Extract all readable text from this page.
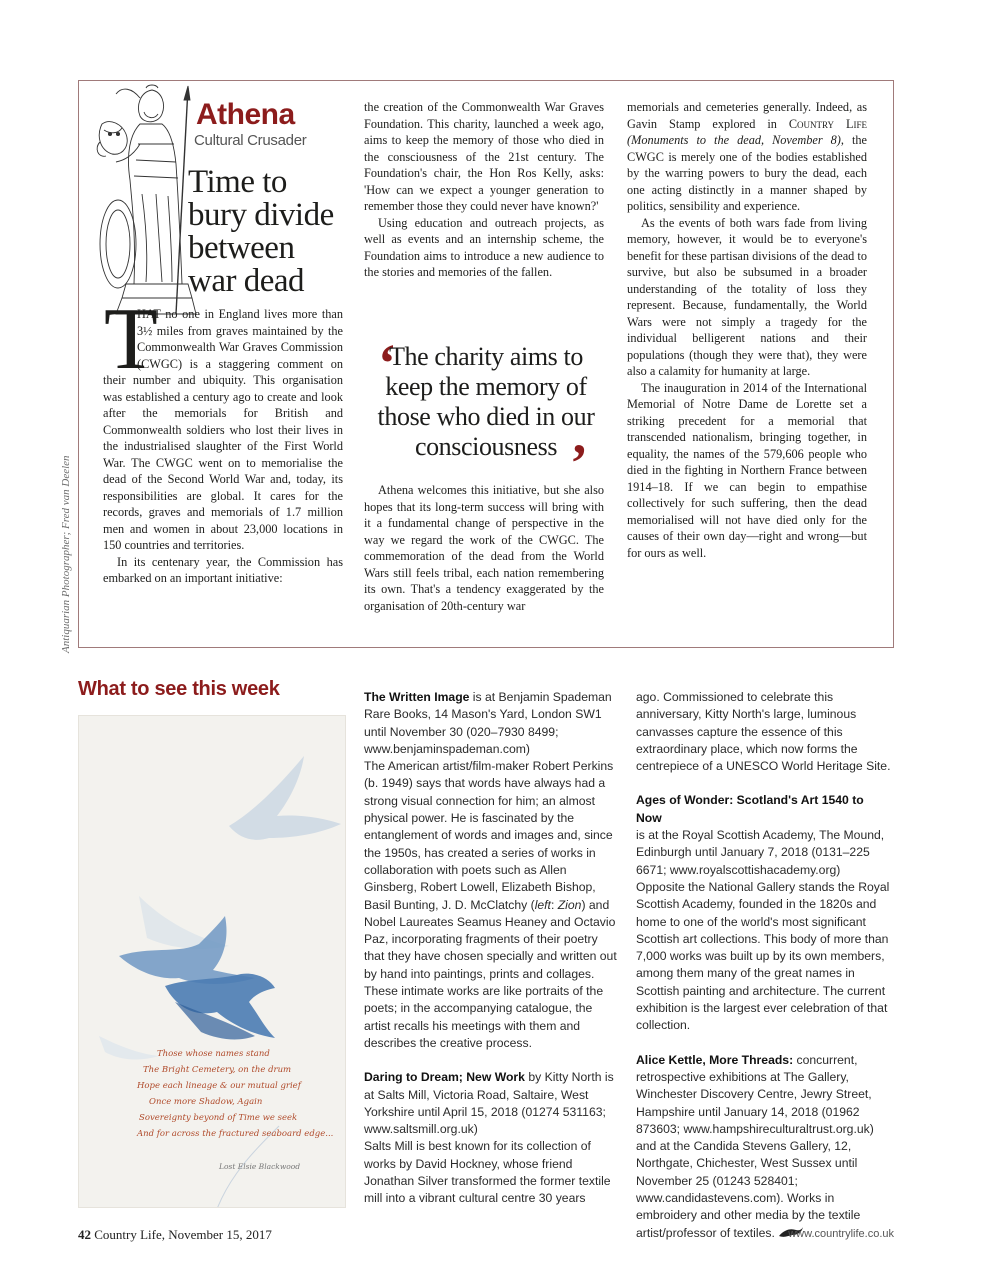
Antiquarian Photographer; Fred van Deelen
Athena
Cultural Crusader
Time to bury divide between war dead
T

HAT no one in England lives more than 3½ miles from graves maintained by the Commonwealth War Graves Commission (CWGC) is a staggering comment on their number and ubiquity. This organisation was established a century ago to create and look after the memorials for British and Commonwealth soldiers who lost their lives in the industrialised slaughter of the First World War. The CWGC went on to memorialise the dead of the Second World War and, today, its responsibilities are global. It cares for the records, graves and memorials of 1.7 million men and women in about 23,000 locations in 150 countries and territories.

In its centenary year, the Commission has embarked on an important initiative:

the creation of the Commonwealth War Graves Foundation. This charity, launched a week ago, aims to keep the memory of those who died in the consciousness of the 21st century. The Foundation's chair, the Hon Ros Kelly, asks: 'How can we expect a younger generation to remember those they could never have known?'

Using education and outreach projects, as well as events and an internship scheme, the Foundation aims to introduce a new audience to the stories and memories of the fallen.

‘
The charity aims to keep the memory of those who died in our consciousness ’

Athena welcomes this initiative, but she also hopes that its long-term success will bring with it a fundamental change of perspective in the way we regard the work of the CWGC. The commemoration of the dead from the World Wars still feels tribal, each nation remembering its own. That's a tendency exaggerated by the organisation of 20th-century war

memorials and cemeteries generally. Indeed, as Gavin Stamp explored in Country Life (Monuments to the dead, November 8), the CWGC is merely one of the bodies established by the warring powers to bury the dead, each one acting distinctly in a manner shaped by politics, sensibility and experience.

As the events of both wars fade from living memory, however, it would be to everyone's benefit for these partisan divisions of the dead to survive, but also be subsumed in a broader understanding of the totality of loss they represent. Because, fundamentally, the World Wars were not simply a tragedy for the individual belligerent nations and their populations (though they were that), they were also a calamity for humanity at large.

The inauguration in 2014 of the International Memorial of Notre Dame de Lorette set a striking precedent for a memorial that transcended nationalism, bringing together, in equality, the names of the 579,606 people who died in the fighting in Northern France between 1914–18. If we can begin to empathise collectively for such suffering, then the dead memorialised will not have died only for the causes of their own day—right and wrong—but for ours as well.

What to see this week
Those whose names stand
The Bright Cemetery, on the drum
Hope each lineage & our mutual grief
Once more Shadow, Again
Sovereignty beyond of Time we seek
And for across the fractured seaboard edge...
Lost Elsie Blackwood

The Written Image is at Benjamin Spademan Rare Books, 14 Mason's Yard, London SW1 until November 30 (020–7930 8499; www.benjaminspademan.com)

The American artist/film-maker Robert Perkins (b. 1949) says that words have always had a strong visual connection for him; an almost physical power. He is fascinated by the entanglement of words and images and, since the 1950s, has created a series of works in collaboration with poets such as Allen Ginsberg, Robert Lowell, Elizabeth Bishop, Basil Bunting, J. D. McClatchy (left: Zion) and Nobel Laureates Seamus Heaney and Octavio Paz, incorporating fragments of their poetry that they have chosen specially and written out by hand into paintings, prints and collages. These intimate works are like portraits of the poets; in the accompanying catalogue, the artist recalls his meetings with them and describes the creative process.

Daring to Dream; New Work by Kitty North is at Salts Mill, Victoria Road, Saltaire, West Yorkshire until April 15, 2018 (01274 531163; www.saltsmill.org.uk)

Salts Mill is best known for its collection of works by David Hockney, whose friend Jonathan Silver transformed the former textile mill into a vibrant cultural centre 30 years

ago. Commissioned to celebrate this anniversary, Kitty North's large, luminous canvasses capture the essence of this extraordinary place, which now forms the centrepiece of a UNESCO World Heritage Site.

Ages of Wonder: Scotland's Art 1540 to Now

is at the Royal Scottish Academy, The Mound, Edinburgh until January 7, 2018 (0131–225 6671; www.royalscottishacademy.org)

Opposite the National Gallery stands the Royal Scottish Academy, founded in the 1820s and home to one of the world's most significant Scottish art collections. This body of more than 7,000 works was built up by its own members, among them many of the great names in Scottish painting and architecture. The current exhibition is the largest ever celebration of that collection.

Alice Kettle, More Threads: concurrent, retrospective exhibitions at The Gallery, Winchester Discovery Centre, Jewry Street, Hampshire until January 14, 2018 (01962 873603; www.hampshireculturaltrust.org.uk) and at the Candida Stevens Gallery, 12, Northgate, Chichester, West Sussex until November 25 (01243 528401; www.candidastevens.com). Works in embroidery and other media by the textile artist/professor of textiles.

42 Country Life, November 15, 2017	www.countrylife.co.uk
